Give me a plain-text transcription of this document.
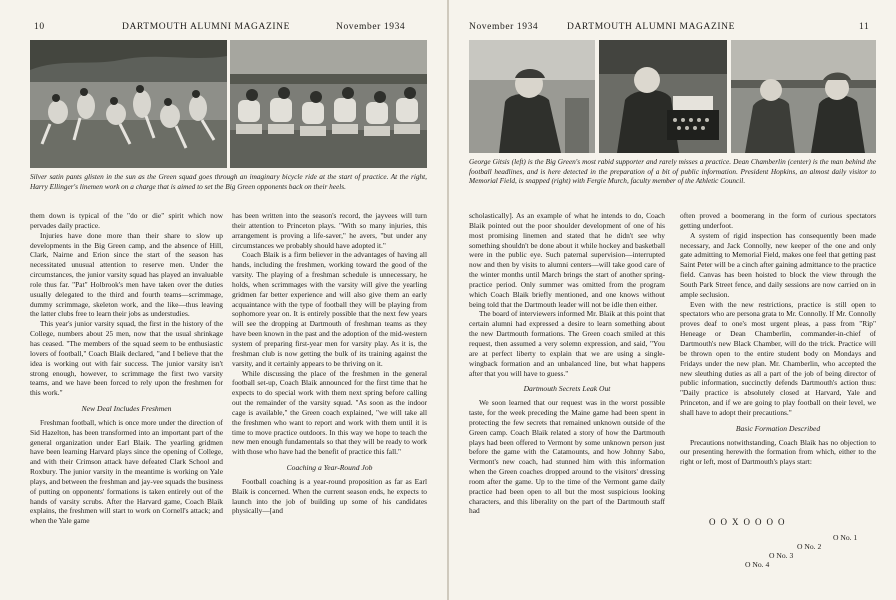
10	DARTMOUTH ALUMNI MAGAZINE	November 1934
Silver satin pants glisten in the sun as the Green squad goes through an imaginary bicycle ride at the start of practice. At the right, Harry Ellinger's linemen work on a charge that is aimed to set the Big Green opponents back on their heels.

them down is typical of the "do or die" spirit which now pervades daily practice.

Injuries have done more than their share to slow up developments in the Big Green camp, and the absence of Hill, Clark, Nairne and Erion since the start of the season has necessitated unusual attention to reserve men. Under the circumstances, the junior varsity squad has played an invaluable role thus far. "Pat" Holbrook's men have taken over the duties usually delegated to the third and fourth teams—scrimmage, dummy scrimmage, skeleton work, and the like—thus leaving the latter clubs free to learn their jobs as understudies.

This year's junior varsity squad, the first in the history of the College, numbers about 25 men, now that the usual shrinkage has ceased. "The members of the squad seem to be enthusiastic lovers of football," Coach Blaik declared, "and I believe that the idea is working out with fair success. The junior varsity isn't strong enough, however, to scrimmage the first two varsity teams, and we have been forced to rely upon the freshmen for this work."

New Deal Includes Freshmen

Freshman football, which is once more under the direction of Sid Hazelton, has been transformed into an important part of the general organization under Earl Blaik. The yearling gridmen have been learning Harvard plays since the opening of College, and with their Crimson attack have defeated Clark School and Roxbury. The junior varsity in the meantime is working on Yale plays, and between the freshman and jay-vee squads the business of putting on opponents' formations is taken entirely out of the hands of varsity scrubs. After the Harvard game, Coach Blaik explains, the freshmen will start to work on Cornell's attack; and when the Yale game

has been written into the season's record, the jayvees will turn their attention to Princeton plays. "With so many injuries, this arrangement is proving a life-saver," he avers, "but under any circumstances we probably should have adopted it."

Coach Blaik is a firm believer in the advantages of having all hands, including the freshmen, working toward the good of the varsity. The playing of a freshman schedule is unnecessary, he holds, when scrimmages with the varsity will give the yearling gridmen far better experience and will also give them an early acquaintance with the type of football they will be playing from sophomore year on. It is entirely possible that the next few years will see the dropping at Dartmouth of freshman teams as they have been known in the past and the adoption of the mid-western system of preparing first-year men for varsity play. As it is, the freshman club is now getting the bulk of its training against the varsity, and it certainly appears to be thriving on it.

While discussing the place of the freshmen in the general football set-up, Coach Blaik announced for the first time that he expects to do special work with them next spring before calling out the remainder of the varsity squad. "As soon as the indoor cage is available," the Green coach explained, "we will take all the freshmen who want to report and work with them until it is time to move practice outdoors. In this way we hope to teach the new men enough fundamentals so that they will be ready to work with those who have had the benefit of practice this fall."

Coaching a Year-Round Job

Football coaching is a year-round proposition as far as Earl Blaik is concerned. When the current season ends, he expects to launch into the job of building up some of his candidates physically—[and

November 1934	DARTMOUTH ALUMNI MAGAZINE	11
George Gitsis (left) is the Big Green's most rabid supporter and rarely misses a practice. Dean Chamberlin (center) is the man behind the football headlines, and is here detected in the preparation of a bit of public information. President Hopkins, an almost daily visitor to Memorial Field, is snapped (right) with Fergie Murch, faculty member of the Athletic Council.

scholastically]. As an example of what he intends to do, Coach Blaik pointed out the poor shoulder development of one of his most promising linemen and stated that he didn't see why something shouldn't be done about it while hockey and basketball were in the public eye. Such paternal supervision—interrupted now and then by visits to alumni centers—will take good care of the winter months until March brings the start of another spring-practice period. Only summer was omitted from the program which Coach Blaik briefly mentioned, and one knows without being told that the Dartmouth leader will not be idle then either.

The board of interviewers informed Mr. Blaik at this point that certain alumni had expressed a desire to learn something about the new Dartmouth formations. The Green coach smiled at this request, then assumed a very solemn expression, and said, "You are at perfect liberty to explain that we are using a single-wingback formation and an unbalanced line, but what happens after that you will have to guess."

Dartmouth Secrets Leak Out

We soon learned that our request was in the worst possible taste, for the week preceding the Maine game had been spent in protecting the few secrets that remained unknown outside of the Green camp. Coach Blaik related a story of how the Dartmouth plays had been offered to Vermont by some unknown person just before the game with the Catamounts, and how Johnny Sabo, Vermont's new coach, had stunned him with this information when the Green coaches dropped around to the visitors' dressing room after the game. Up to the time of the Vermont game daily practice had been open to all but the most suspicious looking characters, and this liberality on the part of the Dartmouth staff had

often proved a boomerang in the form of curious spectators getting underfoot.

A system of rigid inspection has consequently been made necessary, and Jack Connolly, new keeper of the one and only gate admitting to Memorial Field, makes one feel that getting past Saint Peter will be a cinch after gaining admittance to the practice field. Canvas has been hoisted to block the view through the South Park Street fence, and daily sessions are now carried on in ample seclusion.

Even with the new restrictions, practice is still open to spectators who are persona grata to Mr. Connolly. If Mr. Connolly proves deaf to one's most urgent pleas, a pass from "Rip" Heneage or Dean Chamberlin, commander-in-chief of Dartmouth's new Black Chamber, will do the trick. Practice will be thrown open to the entire student body on Mondays and Fridays under the new plan. Mr. Chamberlin, who accepted the new sleuthing duties as all a part of the job of being director of public information, succinctly defends Dartmouth's action thus: "Daily practice is absolutely closed at Harvard, Yale and Princeton, and if we are going to play football on their level, we shall have to adopt their precautions."

Basic Formation Described

Precautions notwithstanding, Coach Blaik has no objection to our presenting herewith the formation from which, either to the right or left, most of Dartmouth's plays start:

OOXOOOO
O No. 1
O No. 2
O No. 3
O No. 4
